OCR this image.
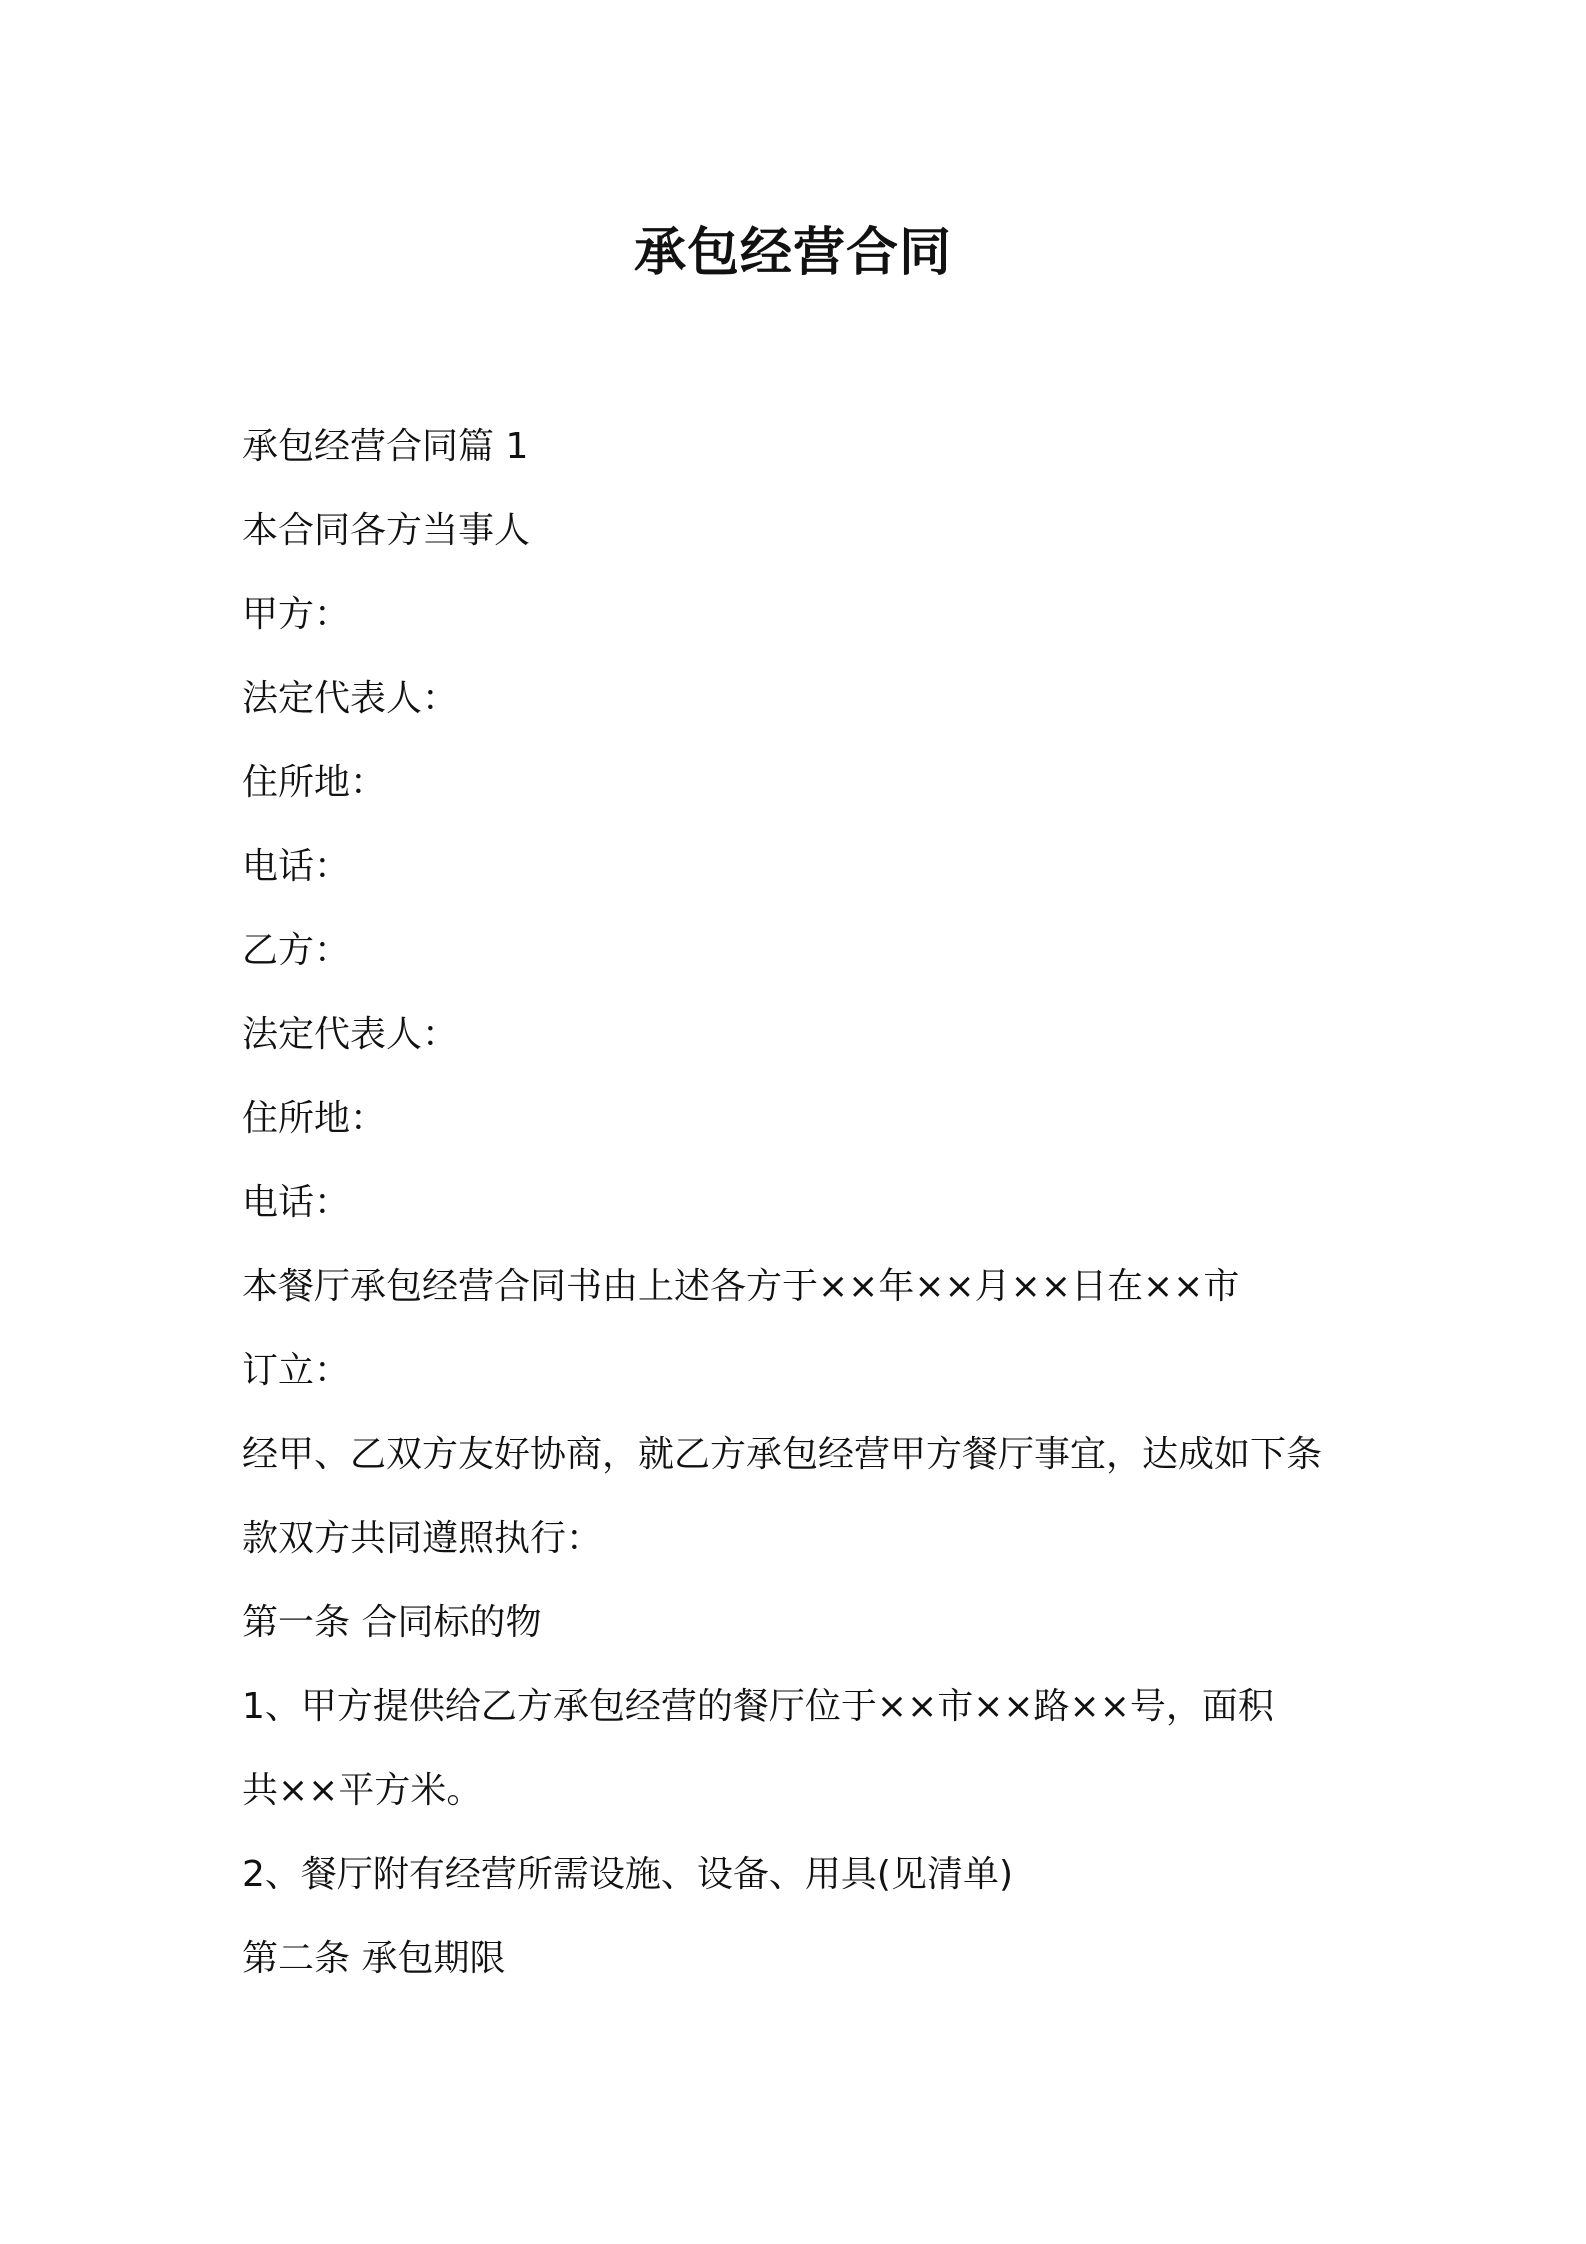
承包经营合同

承包经营合同篇 1

本合同各方当事人

甲方：

法定代表人：

住所地：

电话：

乙方：

法定代表人：

住所地：

电话：

本餐厅承包经营合同书由上述各方于××年××月××日在××市

订立：

经甲、乙双方友好协商，就乙方承包经营甲方餐厅事宜，达成如下条

款双方共同遵照执行：

第一条 合同标的物

1、甲方提供给乙方承包经营的餐厅位于××市××路××号，面积

共××平方米。

2、餐厅附有经营所需设施、设备、用具(见清单)

第二条 承包期限
